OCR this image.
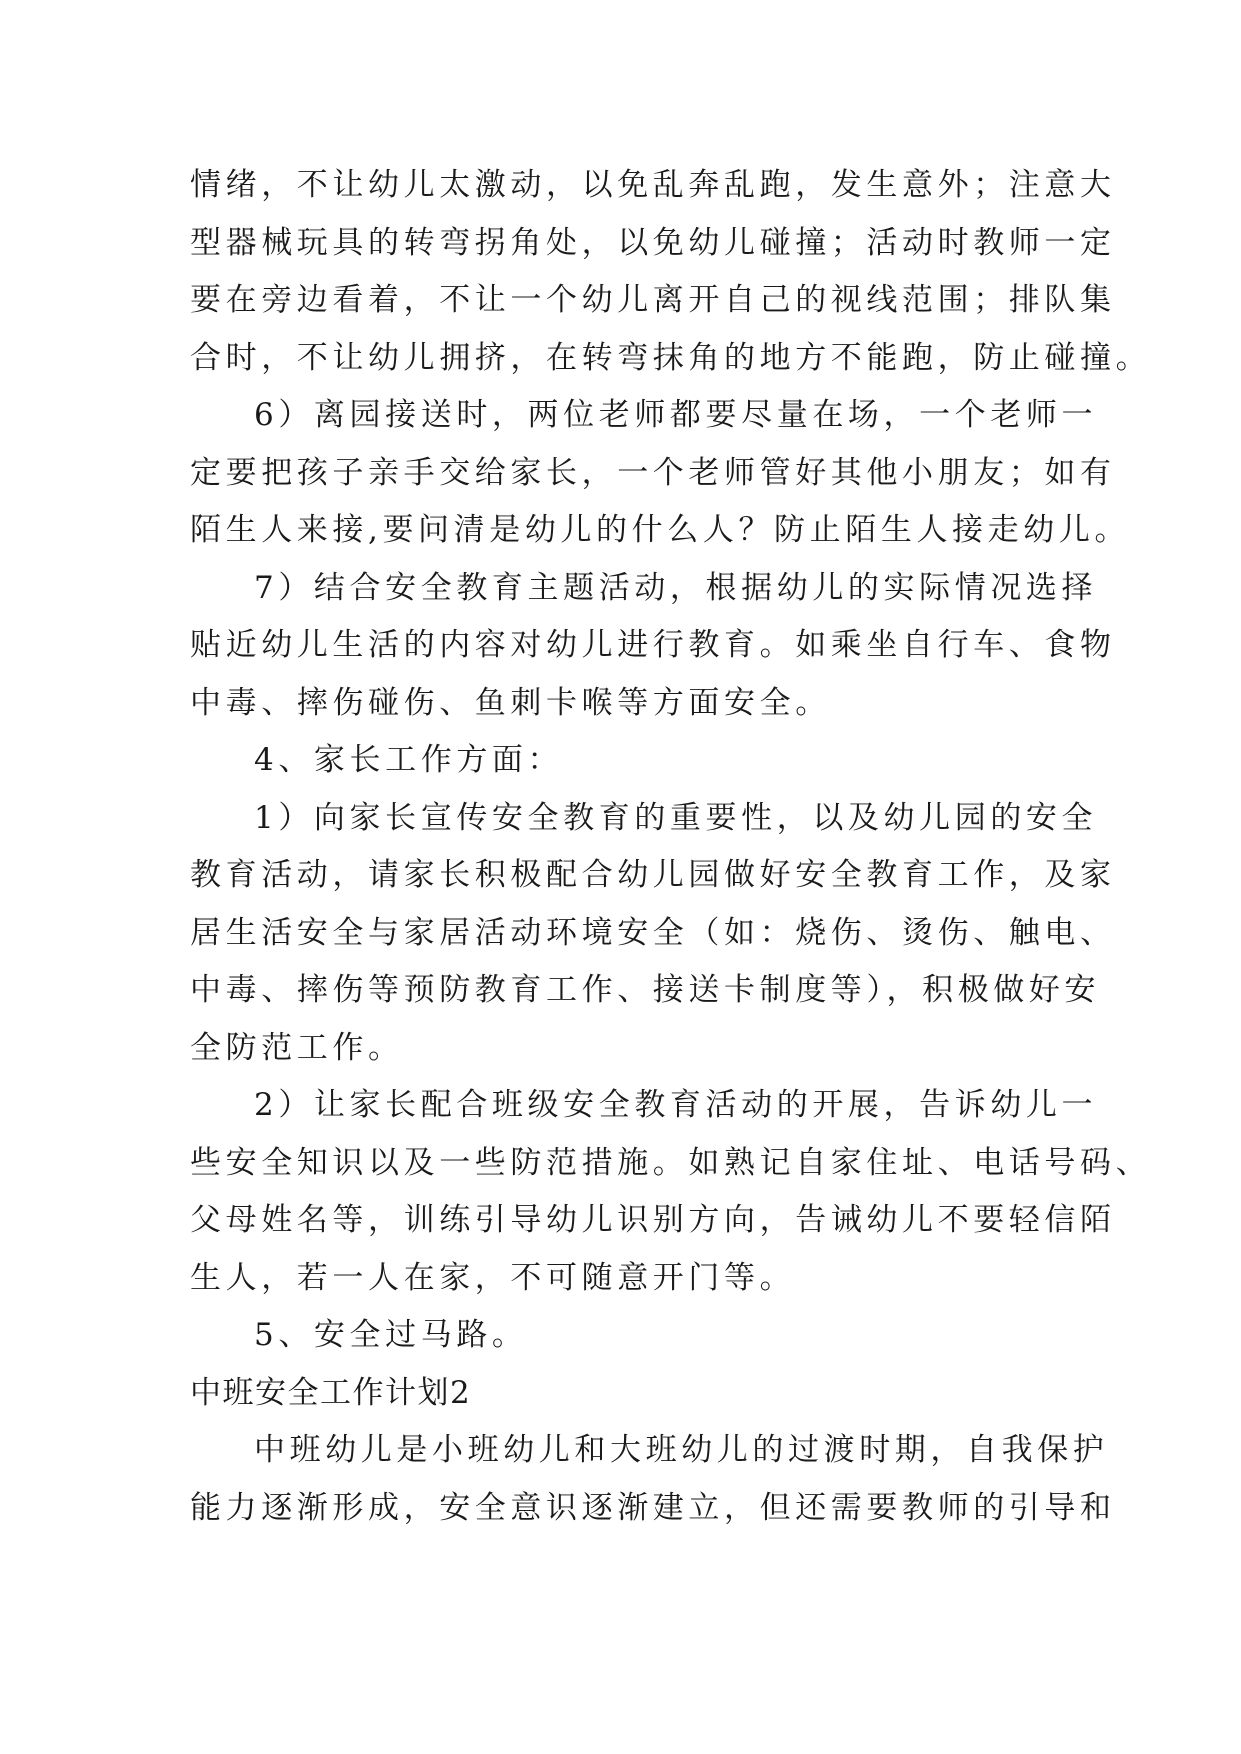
情绪，不让幼儿太激动，以免乱奔乱跑，发生意外；注意大
型器械玩具的转弯拐角处，以免幼儿碰撞；活动时教师一定
要在旁边看着，不让一个幼儿离开自己的视线范围；排队集
合时，不让幼儿拥挤，在转弯抹角的地方不能跑，防止碰撞。
6）离园接送时，两位老师都要尽量在场，一个老师一
定要把孩子亲手交给家长，一个老师管好其他小朋友；如有
陌生人来接,要问清是幼儿的什么人？防止陌生人接走幼儿。
7）结合安全教育主题活动，根据幼儿的实际情况选择
贴近幼儿生活的内容对幼儿进行教育。如乘坐自行车、食物
中毒、摔伤碰伤、鱼刺卡喉等方面安全。
4、家长工作方面：
1）向家长宣传安全教育的重要性，以及幼儿园的安全
教育活动，请家长积极配合幼儿园做好安全教育工作，及家
居生活安全与家居活动环境安全（如：烧伤、烫伤、触电、
中毒、摔伤等预防教育工作、接送卡制度等），积极做好安
全防范工作。
2）让家长配合班级安全教育活动的开展，告诉幼儿一
些安全知识以及一些防范措施。如熟记自家住址、电话号码、
父母姓名等，训练引导幼儿识别方向，告诫幼儿不要轻信陌
生人，若一人在家，不可随意开门等。
5、安全过马路。
中班安全工作计划2
中班幼儿是小班幼儿和大班幼儿的过渡时期，自我保护
能力逐渐形成，安全意识逐渐建立，但还需要教师的引导和
